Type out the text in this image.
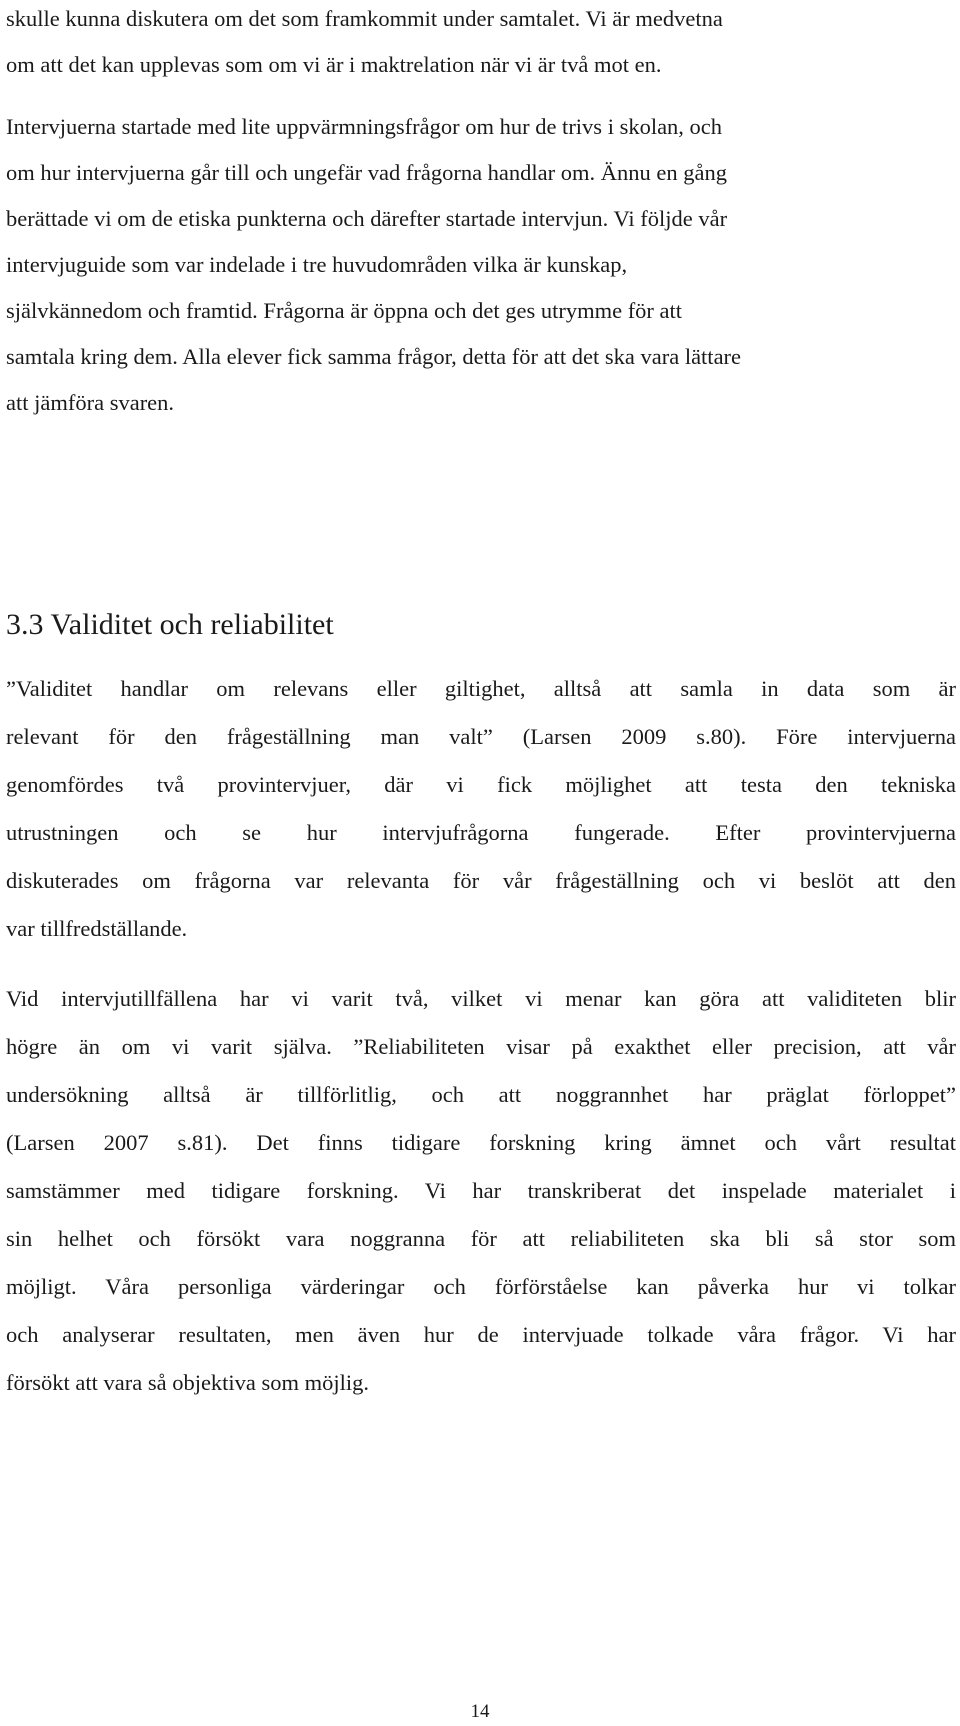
skulle kunna diskutera om det som framkommit under samtalet. Vi är medvetna
om att det kan upplevas som om vi är i maktrelation när vi är två mot en.
Intervjuerna startade med lite uppvärmningsfrågor om hur de trivs i skolan, och
om hur intervjuerna går till och ungefär vad frågorna handlar om. Ännu en gång
berättade vi om de etiska punkterna och därefter startade intervjun. Vi följde vår
intervjuguide som var indelade i tre huvudområden vilka är kunskap,
självkännedom och framtid. Frågorna är öppna och det ges utrymme för att
samtala kring dem. Alla elever fick samma frågor, detta för att det ska vara lättare
att jämföra svaren.
3.3 Validitet och reliabilitet
”Validitet handlar om relevans eller giltighet, alltså att samla in data som är
relevant för den frågeställning man valt” (Larsen 2009 s.80). Före intervjuerna
genomfördes två provintervjuer, där vi fick möjlighet att testa den tekniska
utrustningen och se hur intervjufrågorna fungerade. Efter provintervjuerna
diskuterades om frågorna var relevanta för vår frågeställning och vi beslöt att den
var tillfredställande.
Vid intervjutillfällena har vi varit två, vilket vi menar kan göra att validiteten blir
högre än om vi varit själva. ”Reliabiliteten visar på exakthet eller precision, att vår
undersökning alltså är tillförlitlig, och att noggrannhet har präglat förloppet”
(Larsen 2007 s.81). Det finns tidigare forskning kring ämnet och vårt resultat
samstämmer med tidigare forskning. Vi har transkriberat det inspelade materialet i
sin helhet och försökt vara noggranna för att reliabiliteten ska bli så stor som
möjligt. Våra personliga värderingar och förförståelse kan påverka hur vi tolkar
och analyserar resultaten, men även hur de intervjuade tolkade våra frågor. Vi har
försökt att vara så objektiva som möjlig.
14
